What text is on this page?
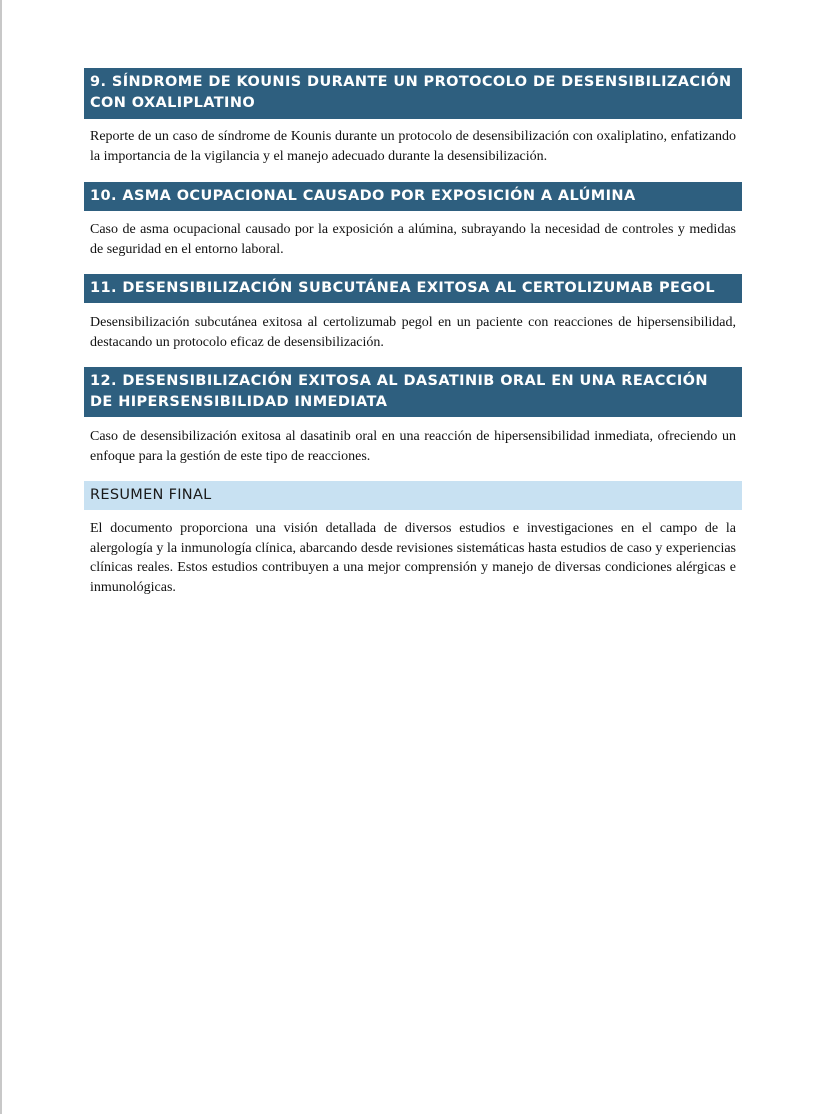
9. SÍNDROME DE KOUNIS DURANTE UN PROTOCOLO DE DESENSIBILIZACIÓN CON OXALIPLATINO

Reporte de un caso de síndrome de Kounis durante un protocolo de desensibilización con oxaliplatino, enfatizando la importancia de la vigilancia y el manejo adecuado durante la desensibilización.

10. ASMA OCUPACIONAL CAUSADO POR EXPOSICIÓN A ALÚMINA

Caso de asma ocupacional causado por la exposición a alúmina, subrayando la necesidad de controles y medidas de seguridad en el entorno laboral.

11. DESENSIBILIZACIÓN SUBCUTÁNEA EXITOSA AL CERTOLIZUMAB PEGOL

Desensibilización subcutánea exitosa al certolizumab pegol en un paciente con reacciones de hipersensibilidad, destacando un protocolo eficaz de desensibilización.

12. DESENSIBILIZACIÓN EXITOSA AL DASATINIB ORAL EN UNA REACCIÓN DE HIPERSENSIBILIDAD INMEDIATA

Caso de desensibilización exitosa al dasatinib oral en una reacción de hipersensibilidad inmediata, ofreciendo un enfoque para la gestión de este tipo de reacciones.

RESUMEN FINAL

El documento proporciona una visión detallada de diversos estudios e investigaciones en el campo de la alergología y la inmunología clínica, abarcando desde revisiones sistemáticas hasta estudios de caso y experiencias clínicas reales. Estos estudios contribuyen a una mejor comprensión y manejo de diversas condiciones alérgicas e inmunológicas.
